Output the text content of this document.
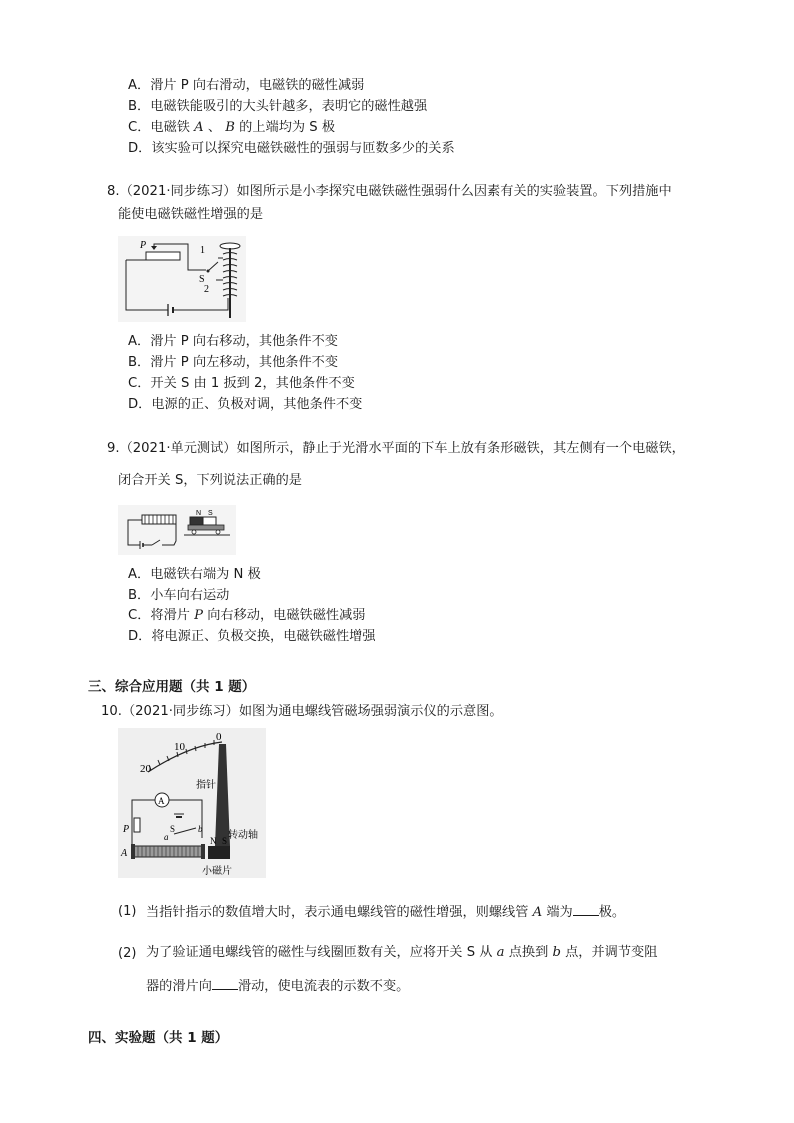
A．滑片 P 向右滑动，电磁铁的磁性减弱
B．电磁铁能吸引的大头针越多，表明它的磁性越强
C．电磁铁 A 、 B 的上端均为 S 极
D．该实验可以探究电磁铁磁性的强弱与匝数多少的关系
8.（2021·同步练习）如图所示是小李探究电磁铁磁性强弱什么因素有关的实验装置。下列措施中
能使电磁铁磁性增强的是
P	1
S
2
A．滑片 P 向右移动，其他条件不变
B．滑片 P 向左移动，其他条件不变
C．开关 S 由 1 扳到 2，其他条件不变
D．电源的正、负极对调，其他条件不变
9.（2021·单元测试）如图所示，静止于光滑水平面的下车上放有条形磁铁，其左侧有一个电磁铁，
闭合开关 S，下列说法正确的是
N S
A．电磁铁右端为 N 极
B．小车向右运动
C．将滑片 P 向右移动，电磁铁磁性减弱
D．将电源正、负极交换，电磁铁磁性增强
三、综合应用题（共 1 题）
10.（2021·同步练习）如图为通电螺线管磁场强弱演示仪的示意图。
20
10
0
指针
A
P	S
a
b
A
N S 转动轴
小磁片
(1) 当指针指示的数值增大时，表示通电螺线管的磁性增强，则螺线管 A 端为 极。
(2) 为了验证通电螺线管的磁性与线圈匝数有关，应将开关 S 从 a 点换到 b 点，并调节变阻
器的滑片向 滑动，使电流表的示数不变。
四、实验题（共 1 题）
